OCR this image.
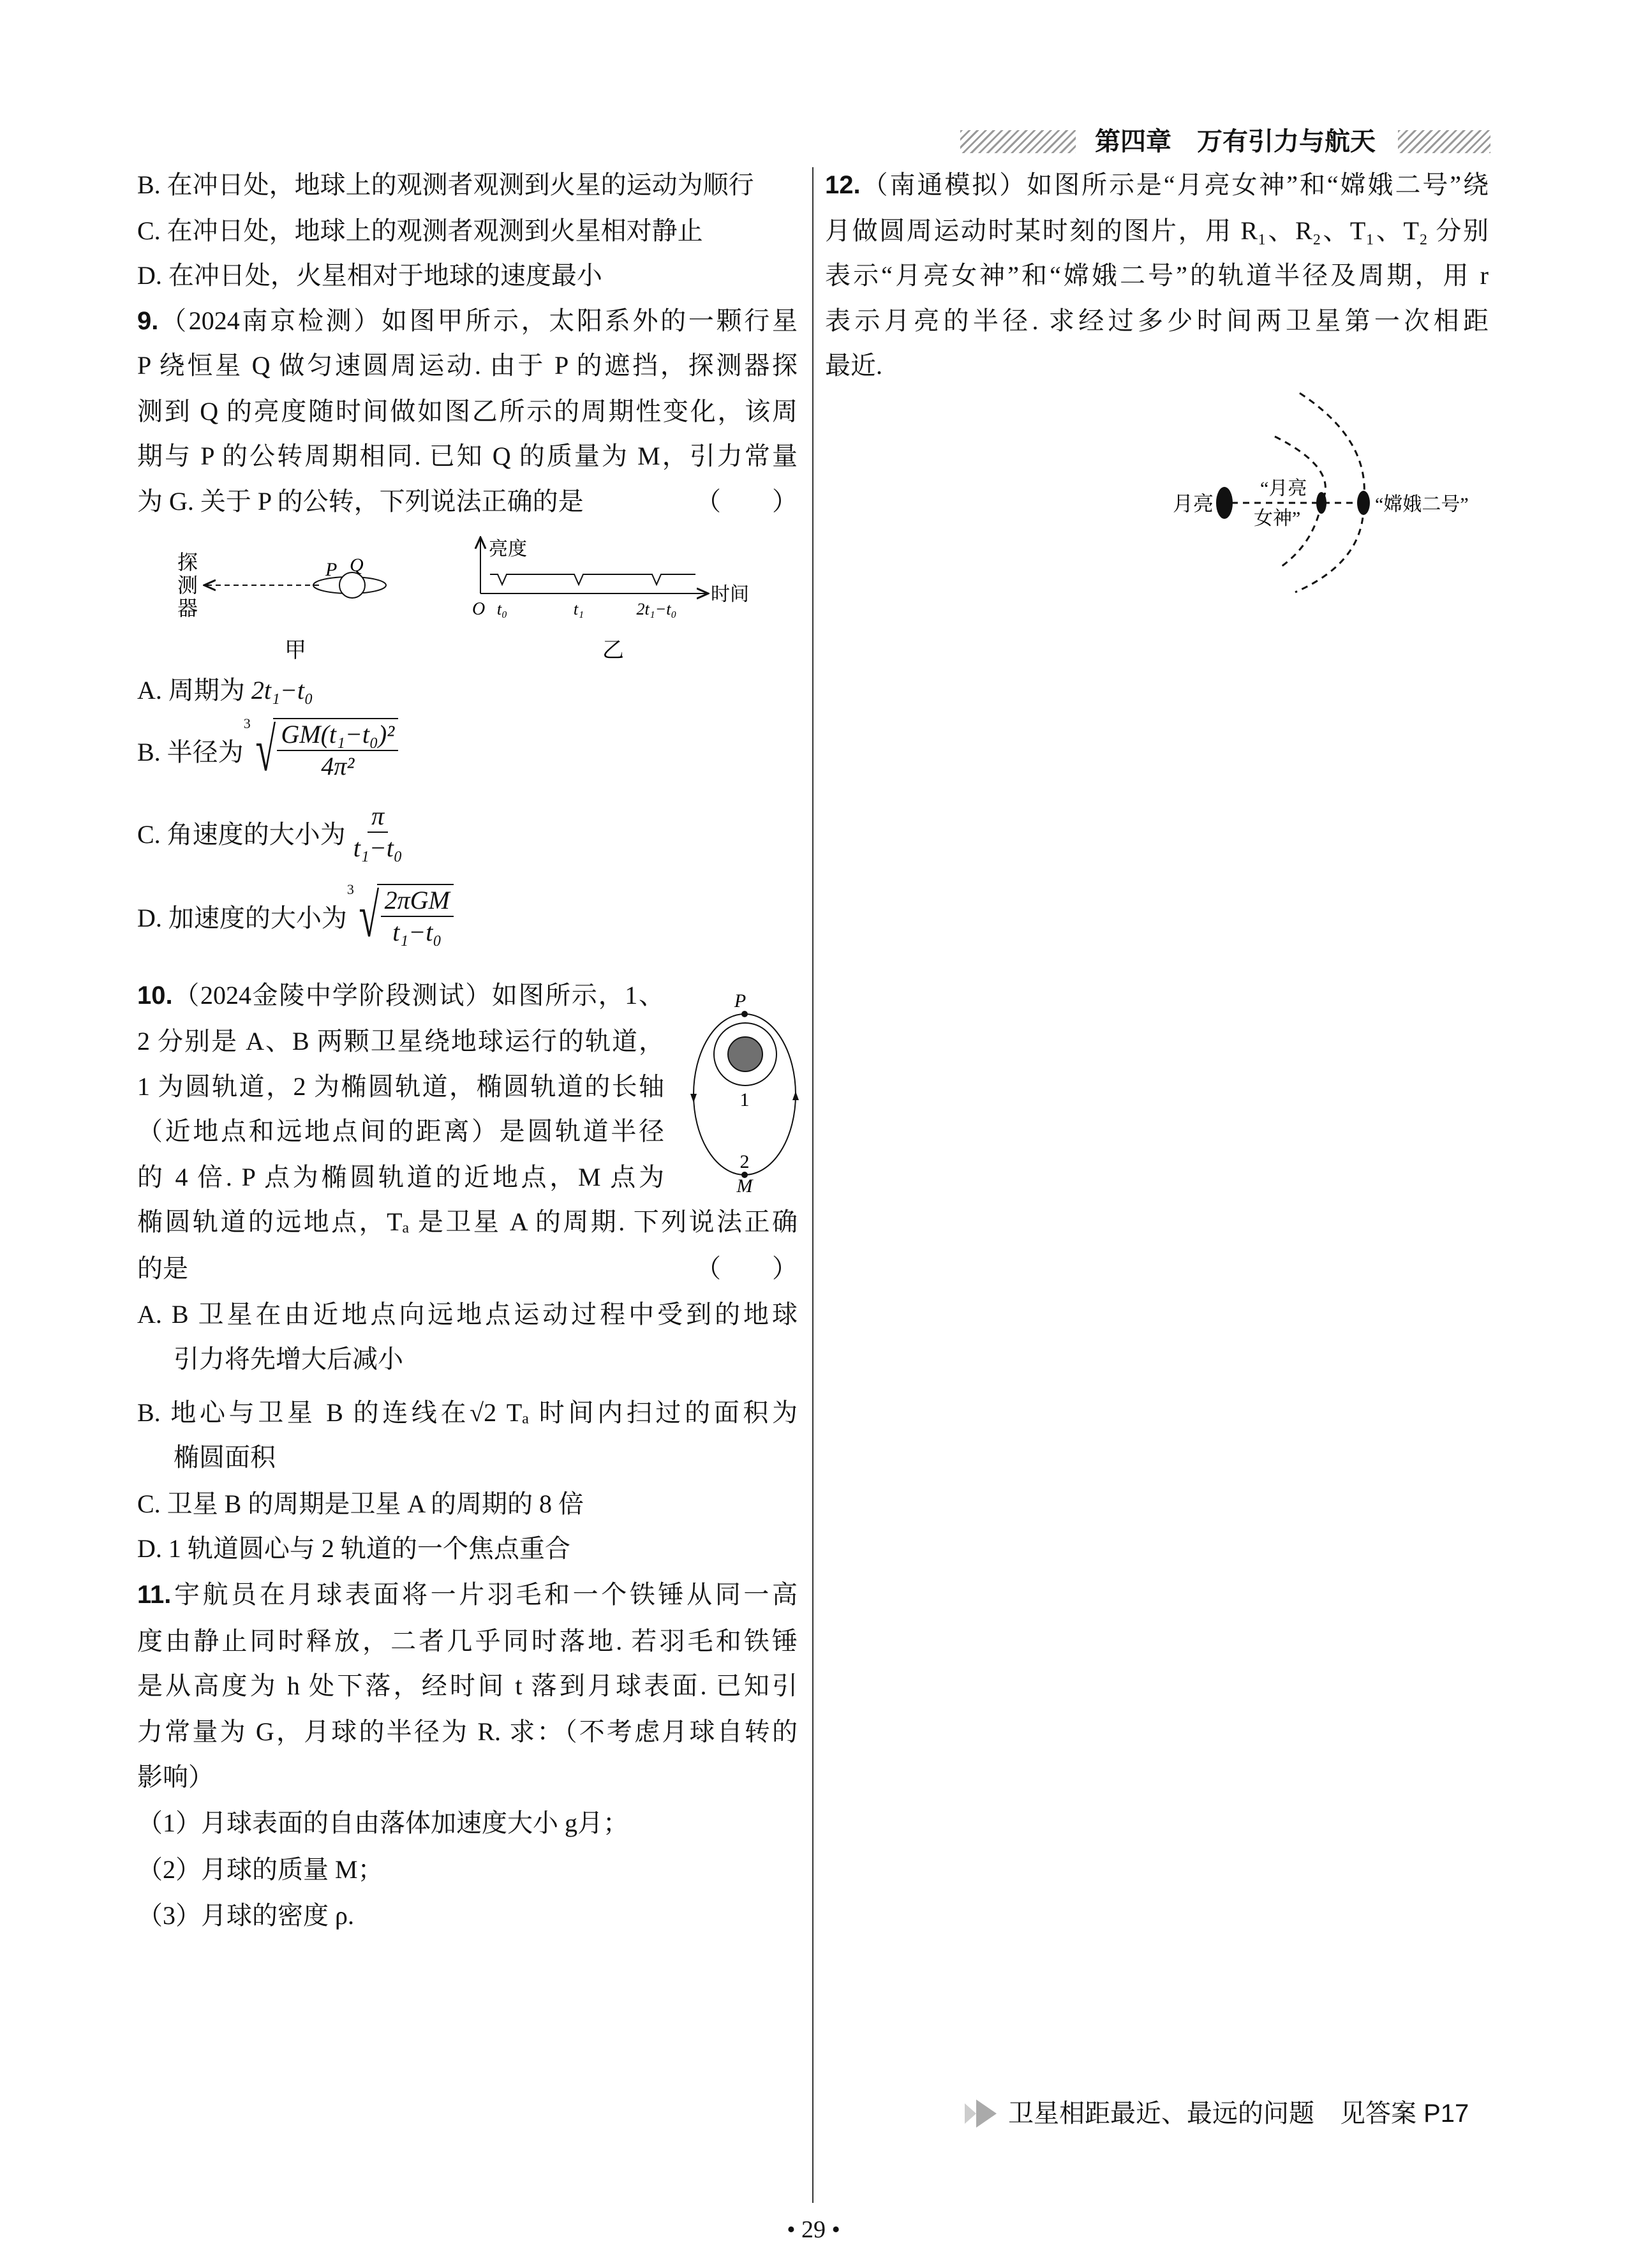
第四章　万有引力与航天
B. 在冲日处，地球上的观测者观测到火星的运动为顺行
C. 在冲日处，地球上的观测者观测到火星相对静止
D. 在冲日处，火星相对于地球的速度最小
9.（2024南京检测）如图甲所示，太阳系外的一颗行星
P 绕恒星 Q 做匀速圆周运动. 由于 P 的遮挡，探测器探
测到 Q 的亮度随时间做如图乙所示的周期性变化，该周
期与 P 的公转周期相同. 已知 Q 的质量为 M，引力常量
为 G. 关于 P 的公转，下列说法正确的是	（　　）
A. 周期为 2t₁−t₀
B. 半径为
3 √ $\frac{\text{GM(t₁−t₀)²}}{\text{4π²}}$
C. 角速度的大小为 $\frac{\pi}{\text{t₁−t₀}}$
D. 加速度的大小为
3 √ $\frac{\text{2πGM}}{\text{t₁−t₀}}$
10.（2024金陵中学阶段测试）如图所示，1、
2 分别是 A、B 两颗卫星绕地球运行的轨道，
1 为圆轨道，2 为椭圆轨道，椭圆轨道的长轴
（近地点和远地点间的距离）是圆轨道半径
的 4 倍. P 点为椭圆轨道的近地点，M 点为
椭圆轨道的远地点，Tₐ 是卫星 A 的周期. 下列说法正确
的是	（　　）
A. B 卫星在由近地点向远地点运动过程中受到的地球
引力将先增大后减小
B. 地心与卫星 B 的连线在√2 Tₐ 时间内扫过的面积为
椭圆面积
C. 卫星 B 的周期是卫星 A 的周期的 8 倍
D. 1 轨道圆心与 2 轨道的一个焦点重合
11.宇航员在月球表面将一片羽毛和一个铁锤从同一高
度由静止同时释放，二者几乎同时落地. 若羽毛和铁锤
是从高度为 h 处下落，经时间 t 落到月球表面. 已知引
力常量为 G，月球的半径为 R. 求：（不考虑月球自转的
影响）
（1）月球表面的自由落体加速度大小 g月；
（2）月球的质量 M；
（3）月球的密度 ρ.
12.（南通模拟）如图所示是“月亮女神”和“嫦娥二号”绕
月做圆周运动时某时刻的图片，用 R₁、R₂、T₁、T₂ 分别
表示“月亮女神”和“嫦娥二号”的轨道半径及周期，用 r
表示月亮的半径. 求经过多少时间两卫星第一次相距
最近.
探
测
器
P Q
甲
亮度
时间
O t₀	t₁	2t₁−t₀
乙
P
1
2
M
月亮
“月亮
女神”
“嫦娥二号”
卫星相距最近、最远的问题 见答案 P17
• 29 •
